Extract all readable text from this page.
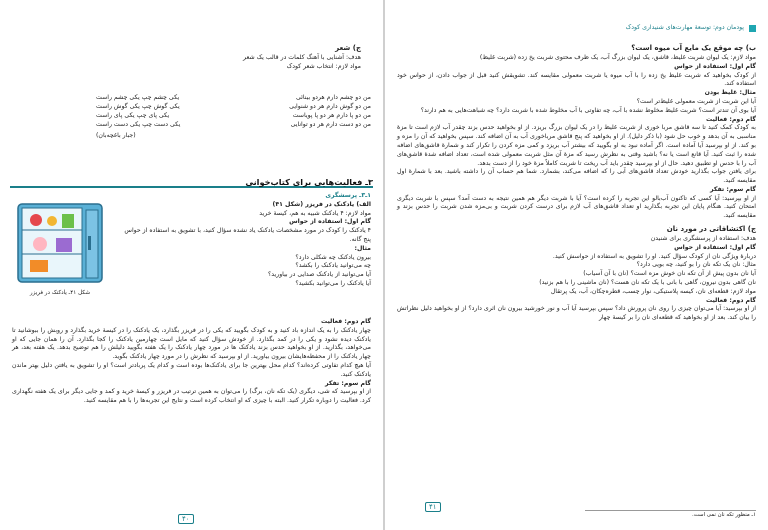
ج) شعر
هدف: آشنایی با آهنگ کلمات در قالب یک شعر
مواد لازم: انتخاب شعر کودک
من دو چشم دارم هردو بینائی
یکی چشم چپ یکی چشم راست
من دو گوش دارم هر دو شنوایی
یکی گوش چپ یکی گوش راست
من دو پا دارم هر دو پا پویاست
یکی پای چپ یکی پای راست
من دو دست دارم هر دو توانایی
یکی دست چپ یکی دست راست
(جبار باغچه‌بان)
۳ـ فعالیت‌هایی برای کتاب‌خوانی
شکل ۴۱ـ یادکنک در فریزر
۱ـ۳ـ پرسشگری
الف) یادکنک در فریزر (شکل ۴۱)
مواد لازم: ۴ یادکنک شبیه به هم، کیسهٔ خرید
گام اول: استفاده از حواس
۴ یادکنک را کودک در مورد مشخصات یادکنک یاد نشده سؤال کنید، با تشویق به استفاده از حواس پنج گانه.
مثال:
بیرون یادکنک چه شکلی دارد؟
چه می‌توانید یادکنک را بکشد؟
آیا می‌توانید از یادکنک صدایی در بیاورید؟
آیا یادکنک را می‌توانید بکشید؟
گام دوم: فعالیت
چهار یادکنک را به یک اندازه باد کنید و به کودک بگویید که یکی را در فریزر بگذارد، یک یادکنک را در کیسهٔ خرید بگذارد و روبش را ببوشانید تا یادکنک دیده نشود و یکی را در کمد بگذارد. از خودش سؤال کنید که مایل است چهارمین یادکنک را کجا بگذارد. آن را همان جایی که او می‌خواهد، بگذارید. از او بخواهید حدس بزند یادکنک ها در مورد چهار یادکنک را یک هفته بگویید دلیلش را هم توضیح بدهد. یک هفته بعد، هر چهار یادکنک را از محفظه‌هایشان بیرون بیاورید. از او بپرسید که نظرش را در مورد چهار یادکنک بگوید.
آیا هیچ کدام تفاوتی کرده‌اند؟ کدام محل بهترین جا برای یادکنک‌ها بوده است و کدام یک پرباد‌تر است؟ او را تشویق به یافتن دلیل بهتر ماندن یادکنک کنید.
گام سوم: تفکر
از او بپرسید که شی، دیگری (یک تکه نان، برگ) را می‌توان به همین ترتیب در فریزر و کیسهٔ خرید و کمد و جایی دیگر برای یک هفته نگهداری کرد. فعالیت را دوباره تکرار کنید. البته با چیزی که او انتخاب کرده است و نتایج این تجربه‌ها را با هم مقایسه کنید.
۴۰
پودمان دوم: توسعهٔ مهارت‌های شنیداری کودک
ب) چه موقع یک مایع آب میوه است؟
مواد لازم: یک لیوان شربت غلیظ، قاشق، یک لیوان بزرگ آب، یک ظرف محتوی شربت یخ زده (شربت غلیظ)
گام اول: استفاده از حواس
از کودک بخواهید که شربت غلیظ یخ زده را با آب میوه یا شربت معمولی مقایسه کند. تشویقش کنید قبل از جواب دادن، از حواس خود استفاده کند.
مثال: غلیظ بودن
آیا این شربت از شربت معمولی غلیظ‌تر است؟
آیا بوی آن تندتر است؟ شربت غلیظ مخلوط نشده با آب، چه تفاوتی با آب مخلوط شده با شربت دارد؟ چه شباهت‌هایی به هم دارند؟
گام دوم: فعالیت
به کودک کمک کنید تا سه قاشق مربا خوری از شربت غلیظ را در یک لیوان بزرگ بریزد. از او بخواهید حدس بزند چقدر آب لازم است تا مزهٔ مناسبی به آن بدهد و خوب حل شود (با ذکر دلیل). از او بخواهید که پنج قاشق مرباخوری آب به آن اضافه کند. سپس بخواهید که آن را مزه و بو کند. از او بپرسید آیا آماده است. اگر آماده نبود به او بگویید که بیشتر آب بریزد و کمی مزه کردن را تکرار کند و شمارهٔ قاشق‌های اضافه شده را ثبت کنید. آیا قانع است یا نه؟ باشید وقتی به نظرش رسید که مزهٔ آن مثل شربت معمولی شده است، تعداد اضافه شدهٔ قاشق‌های آب را با حدس او تطبیق دهید. حال از او بپرسید چقدر باید آب ریخت تا شربت کاملاً مزهٔ خود را از دست بدهد.
برای یافتن جواب بگذارید خودش تعداد قاشق‌های آبی را که اضافه می‌کند، بشمارد. شما هم حساب آن را داشته باشید. بعد با شمارهٔ اول مقایسه کنید.
گام سوم: تفکر
از او بپرسید: آیا کسی که تا‌کنون آب‌بالو این تجربه را کرده است؟ آیا با شربت دیگر هم همین نتیجه به دست آمد؟ سپس با شربت دیگری امتحان کنید. هنگام پایان این تجربه بگذارید او تعداد قاشق‌های آب لازم برای درست کردن شربت و بی‌مزه شدن شربت را حدس بزند و مقایسه کنید.
ج) اکتشافاتی در مورد نان
هدف: استفاده از پرسشگری برای شنیدن
گام اول: استفاده از حواس
دربارهٔ ویژگی نان از کودک سؤال کنید. او را تشویق به استفاده از حواسش کنید.
مثال: نان یک تکه نان را بو کنید، چه بویی دارد؟
آیا نان بدون پیش از آن تکه نان خوش مزه است؟ (نان با آن آسیاب)
نان گاهی بدون نیرون، گاهی با بانی با یک تکه نان هست؟ (نان ماشینی را با هم بزنید)
مواد لازم: قطعه‌ای نان، کیسه پلاستیکی، نوار چسب، قطره‌چکان، آب، یک ‌پرتقال
گام دوم: فعالیت
از او بپرسید: آیا می‌توان چیزی را روی نان پرورش داد؟ سپس بپرسید آیا آب و نور خورشید بیرون نان اثری دارد؟ از او بخواهید دلیل نظراتش را بیان کند. بعد از او بخواهید که قطعه‌ای نان را بر کیسهٔ چهار
۱ـ منظور تکه نان نمی است.
۴۱
